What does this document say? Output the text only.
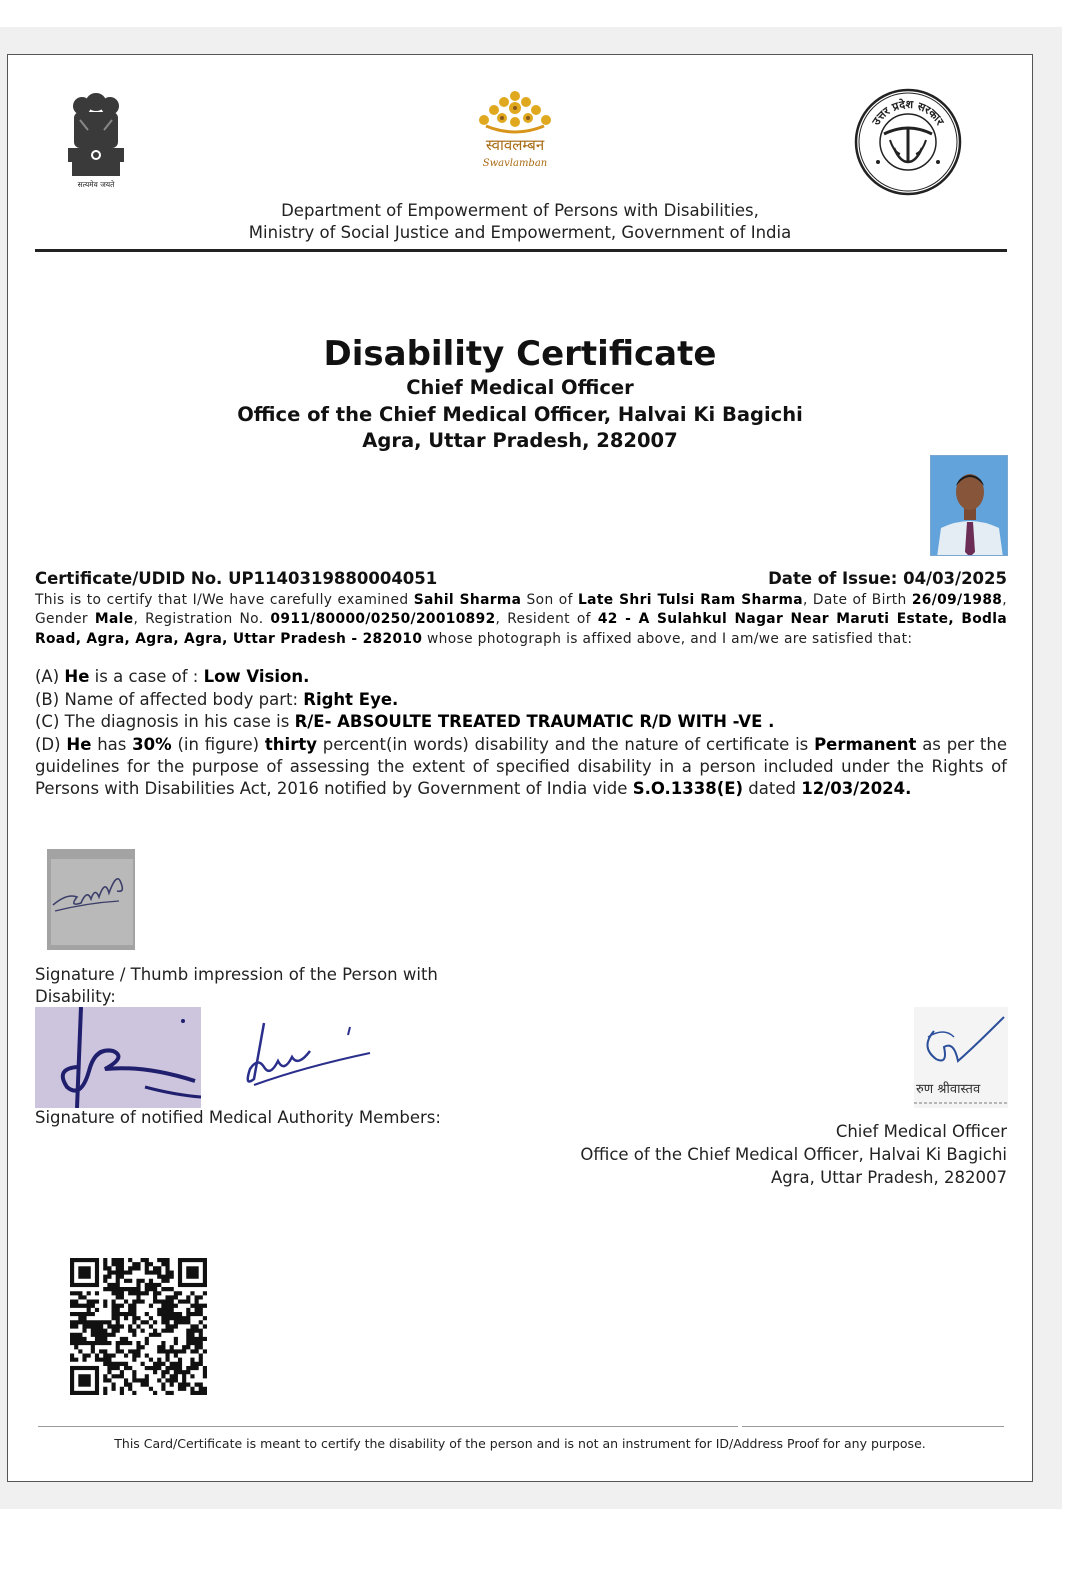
सत्यमेव जयते
स्वावलम्बन
Swavlamban
उत्तर प्रदेश सरकार
Department of Empowerment of Persons with Disabilities,
Ministry of Social Justice and Empowerment, Government of India
Disability Certificate
Chief Medical Officer
Office of the Chief Medical Officer, Halvai Ki Bagichi
Agra, Uttar Pradesh, 282007
Certificate/UDID No. UP1140319880004051	Date of Issue: 04/03/2025
This is to certify that I/We have carefully examined Sahil Sharma Son of Late Shri Tulsi Ram Sharma, Date of Birth 26/09/1988, Gender Male, Registration No. 0911/80000/0250/20010892, Resident of 42 - A Sulahkul Nagar Near Maruti Estate, Bodla Road, Agra, Agra, Agra, Uttar Pradesh - 282010 whose photograph is affixed above, and I am/we are satisfied that:
(A) He is a case of : Low Vision.
(B) Name of affected body part: Right Eye.
(C) The diagnosis in his case is R/E- ABSOULTE TREATED TRAUMATIC R/D WITH -VE .
(D) He has 30% (in figure) thirty percent(in words) disability and the nature of certificate is Permanent as per the guidelines for the purpose of assessing the extent of specified disability in a person included under the Rights of Persons with Disabilities Act, 2016 notified by Government of India vide S.O.1338(E) dated 12/03/2024.
Signature / Thumb impression of the Person with Disability:
रुण श्रीवास्तव
Signature of notified Medical Authority Members:
Chief Medical Officer
Office of the Chief Medical Officer, Halvai Ki Bagichi
Agra, Uttar Pradesh, 282007
This Card/Certificate is meant to certify the disability of the person and is not an instrument for ID/Address Proof for any purpose.
